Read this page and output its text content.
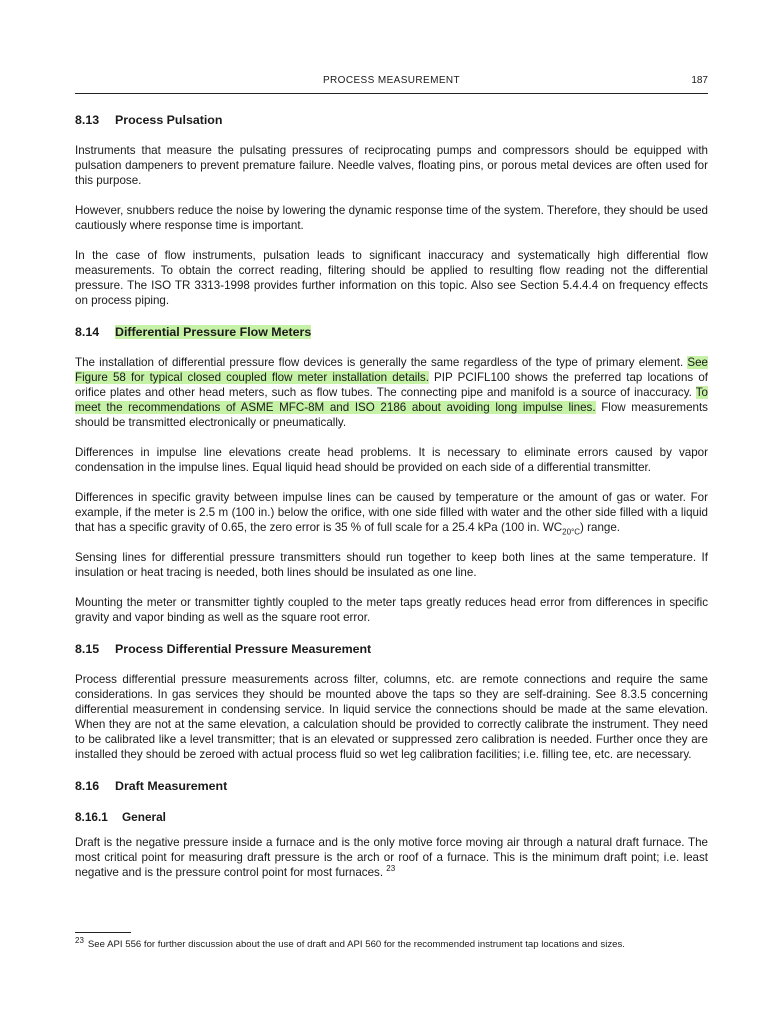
PROCESS MEASUREMENT	187
8.13 Process Pulsation

Instruments that measure the pulsating pressures of reciprocating pumps and compressors should be equipped with pulsation dampeners to prevent premature failure. Needle valves, floating pins, or porous metal devices are often used for this purpose.

However, snubbers reduce the noise by lowering the dynamic response time of the system. Therefore, they should be used cautiously where response time is important.

In the case of flow instruments, pulsation leads to significant inaccuracy and systematically high differential flow measurements. To obtain the correct reading, filtering should be applied to resulting flow reading not the differential pressure. The ISO TR 3313-1998 provides further information on this topic. Also see Section 5.4.4.4 on frequency effects on process piping.

8.14 Differential Pressure Flow Meters

The installation of differential pressure flow devices is generally the same regardless of the type of primary element. See Figure 58 for typical closed coupled flow meter installation details. PIP PCIFL100 shows the preferred tap locations of orifice plates and other head meters, such as flow tubes. The connecting pipe and manifold is a source of inaccuracy. To meet the recommendations of ASME MFC-8M and ISO 2186 about avoiding long impulse lines. Flow measurements should be transmitted electronically or pneumatically.

Differences in impulse line elevations create head problems. It is necessary to eliminate errors caused by vapor condensation in the impulse lines. Equal liquid head should be provided on each side of a differential transmitter.

Differences in specific gravity between impulse lines can be caused by temperature or the amount of gas or water. For example, if the meter is 2.5 m (100 in.) below the orifice, with one side filled with water and the other side filled with a liquid that has a specific gravity of 0.65, the zero error is 35 % of full scale for a 25.4 kPa (100 in. $WC_{20^\circ C}$) range.

Sensing lines for differential pressure transmitters should run together to keep both lines at the same temperature. If insulation or heat tracing is needed, both lines should be insulated as one line.

Mounting the meter or transmitter tightly coupled to the meter taps greatly reduces head error from differences in specific gravity and vapor binding as well as the square root error.

8.15 Process Differential Pressure Measurement

Process differential pressure measurements across filter, columns, etc. are remote connections and require the same considerations. In gas services they should be mounted above the taps so they are self-draining. See 8.3.5 concerning differential measurement in condensing service. In liquid service the connections should be made at the same elevation. When they are not at the same elevation, a calculation should be provided to correctly calibrate the instrument. They need to be calibrated like a level transmitter; that is an elevated or suppressed zero calibration is needed. Further once they are installed they should be zeroed with actual process fluid so wet leg calibration facilities; i.e. filling tee, etc. are necessary.

8.16 Draft Measurement
8.16.1 General

Draft is the negative pressure inside a furnace and is the only motive force moving air through a natural draft furnace. The most critical point for measuring draft pressure is the arch or roof of a furnace. This is the minimum draft point; i.e. least negative and is the pressure control point for most furnaces. $^{23}$

$^{23}$ See API 556 for further discussion about the use of draft and API 560 for the recommended instrument tap locations and sizes.
